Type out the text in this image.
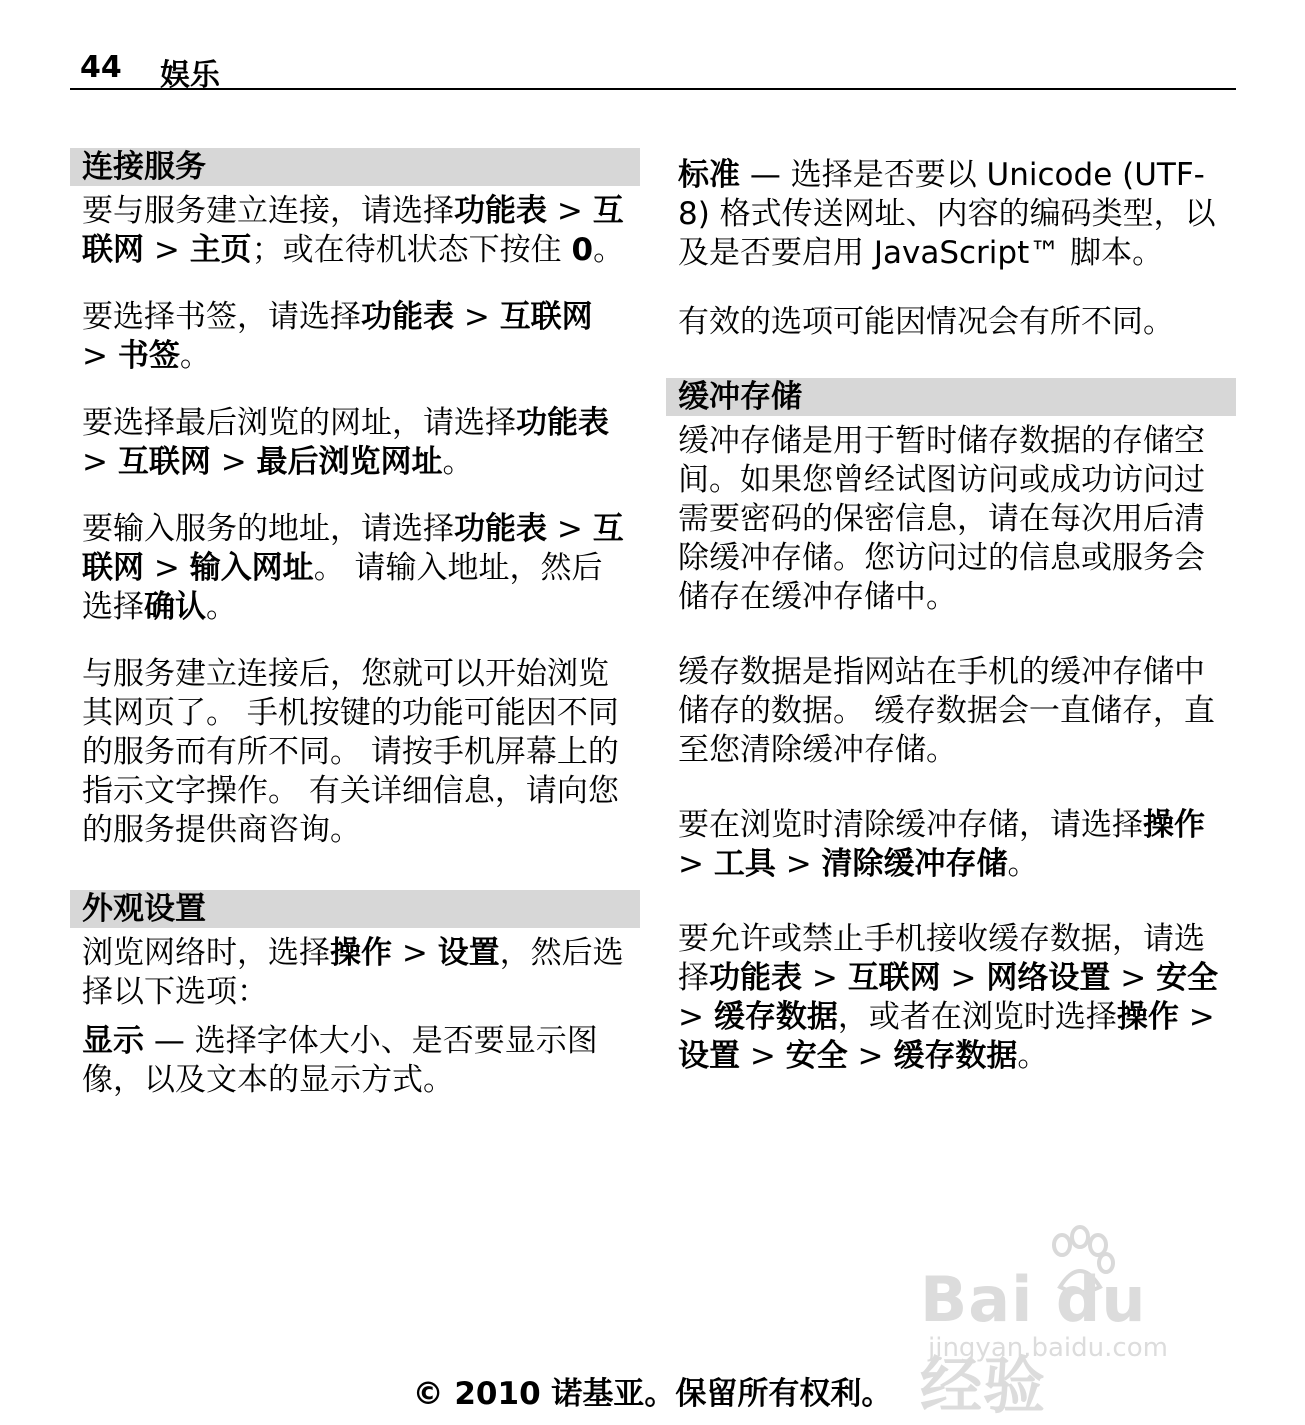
44 娱乐
连接服务

要与服务建立连接，请选择功能表 > 互联网 > 主页；或在待机状态下按住 0。

要选择书签，请选择功能表 > 互联网 > 书签。

要选择最后浏览的网址，请选择功能表 > 互联网 > 最后浏览网址。

要输入服务的地址，请选择功能表 > 互联网 > 输入网址。 请输入地址，然后选择确认。

与服务建立连接后，您就可以开始浏览其网页了。 手机按键的功能可能因不同的服务而有所不同。 请按手机屏幕上的指示文字操作。 有关详细信息，请向您的服务提供商咨询。

外观设置

浏览网络时，选择操作 > 设置，然后选择以下选项：

显示 — 选择字体大小、是否要显示图像，以及文本的显示方式。

标准 — 选择是否要以 Unicode (UTF-8) 格式传送网址、内容的编码类型，以及是否要启用 JavaScript™ 脚本。

有效的选项可能因情况会有所不同。

缓冲存储

缓冲存储是用于暂时储存数据的存储空间。如果您曾经试图访问或成功访问过需要密码的保密信息，请在每次用后清除缓冲存储。您访问过的信息或服务会储存在缓冲存储中。

缓存数据是指网站在手机的缓冲存储中储存的数据。 缓存数据会一直储存，直至您清除缓冲存储。

要在浏览时清除缓冲存储，请选择操作 > 工具 > 清除缓冲存储。

要允许或禁止手机接收缓存数据，请选择功能表 > 互联网 > 网络设置 > 安全 > 缓存数据，或者在浏览时选择操作 > 设置 > 安全 > 缓存数据。

Bai du 经验
jingyan.baidu.com
© 2010 诺基亚。保留所有权利。
